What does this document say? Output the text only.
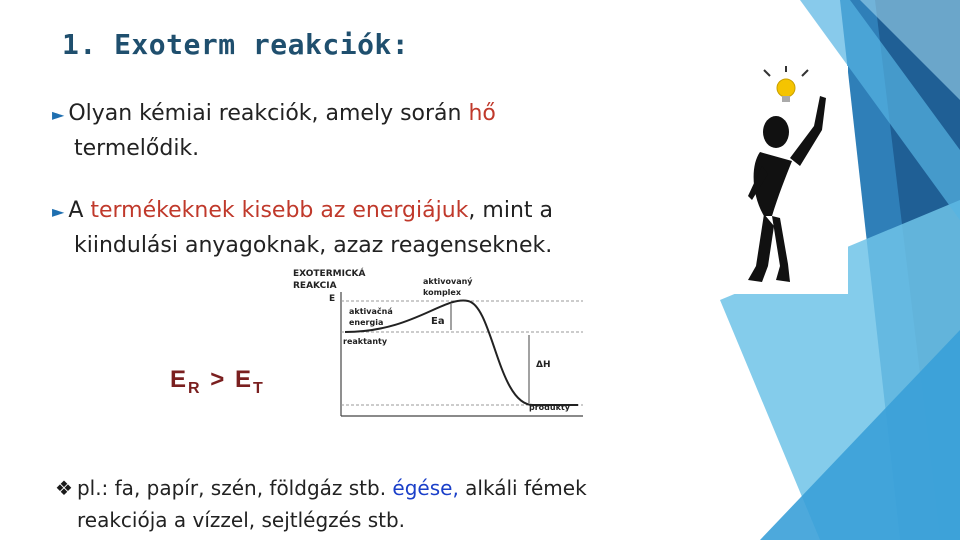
1. Exoterm reakciók:
► Olyan kémiai reakciók, amely során hő
termelődik.
► A termékeknek kisebb az energiájuk, mint a
kiindulási anyagoknak, azaz reagenseknek.
$E_R > E_T$
EXOTERMICKÁ
REAKCIA
E
aktivovaný
komplex
aktivačná
energia	Ea
reaktanty
ΔH
produkty
❖ pl.: fa, papír, szén, földgáz stb. égése, alkáli fémek
reakciója a vízzel, sejtlégzés stb.
